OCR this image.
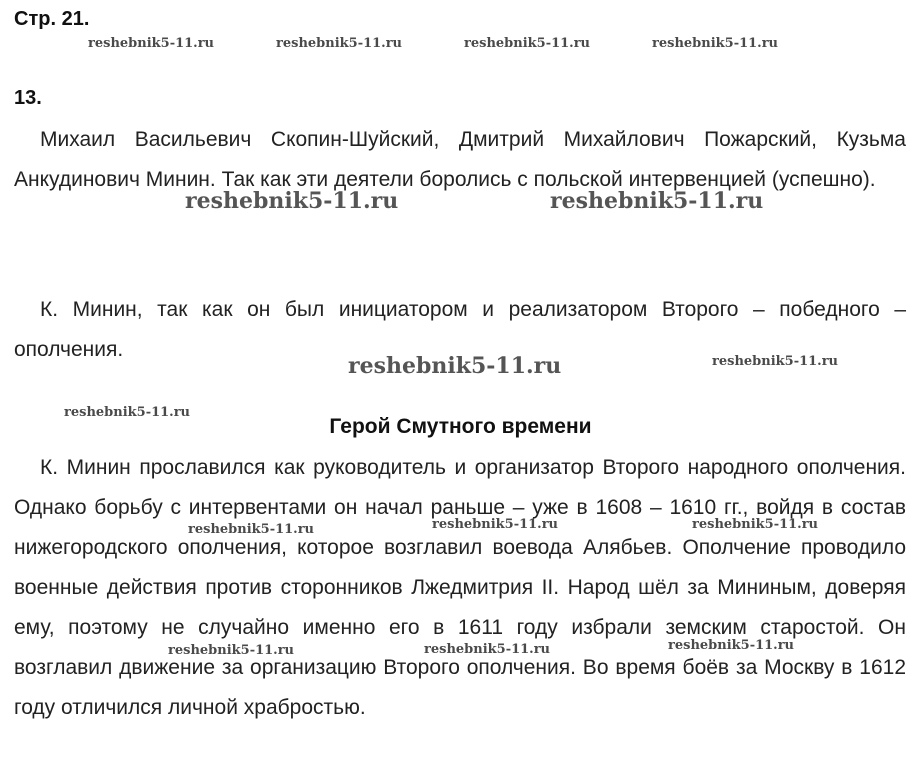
Стр. 21.
13.

Михаил Васильевич Скопин-Шуйский, Дмитрий Михайлович Пожарский, Кузьма Анкудинович Минин. Так как эти деятели боролись с польской интервенцией (успешно).

К. Минин, так как он был инициатором и реализатором Второго – победного – ополчения.

Герой Смутного времени

К. Минин прославился как руководитель и организатор Второго народного ополчения. Однако борьбу с интервентами он начал раньше – уже в 1608 – 1610 гг., войдя в состав нижегородского ополчения, которое возглавил воевода Алябьев. Ополчение проводило военные действия против сторонников Лжедмитрия II. Народ шёл за Мининым, доверяя ему, поэтому не случайно именно его в 1611 году избрали земским старостой. Он возглавил движение за организацию Второго ополчения. Во время боёв за Москву в 1612 году отличился личной храбростью.

reshebnik5-11.ru	reshebnik5-11.ru	reshebnik5-11.ru	reshebnik5-11.ru
reshebnik5-11.ru	reshebnik5-11.ru
reshebnik5-11.ru	reshebnik5-11.ru
reshebnik5-11.ru
reshebnik5-11.ru	reshebnik5-11.ru	reshebnik5-11.ru
reshebnik5-11.ru	reshebnik5-11.ru	reshebnik5-11.ru
